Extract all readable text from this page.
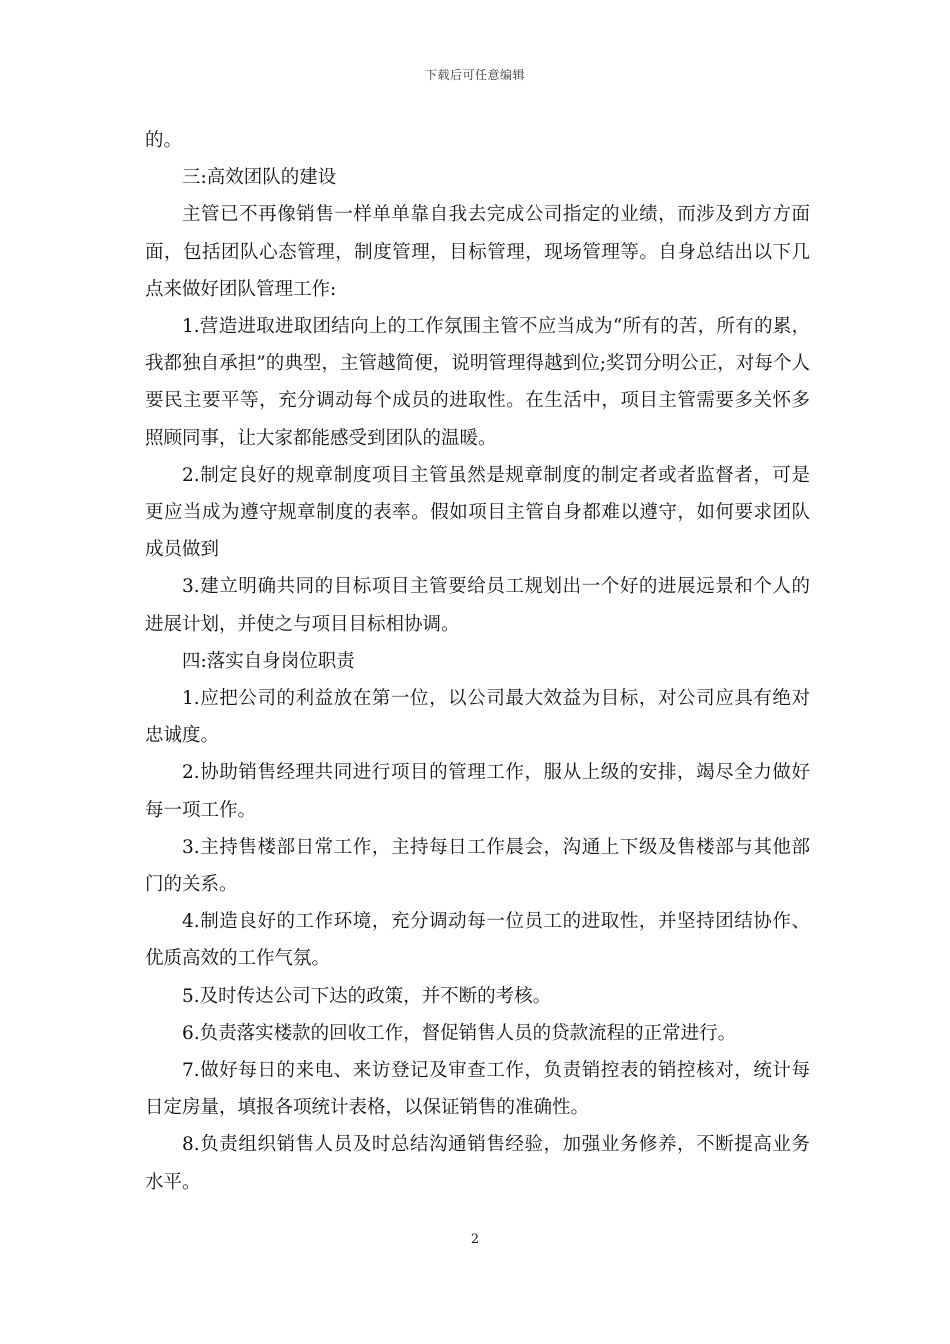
下载后可任意编辑

的。

三:高效团队的建设

主管已不再像销售一样单单靠自我去完成公司指定的业绩，而涉及到方方面面，包括团队心态管理，制度管理，目标管理，现场管理等。自身总结出以下几点来做好团队管理工作:

1.营造进取进取团结向上的工作氛围主管不应当成为“所有的苦，所有的累，我都独自承担”的典型，主管越简便，说明管理得越到位;奖罚分明公正，对每个人要民主要平等，充分调动每个成员的进取性。在生活中，项目主管需要多关怀多照顾同事，让大家都能感受到团队的温暖。

2.制定良好的规章制度项目主管虽然是规章制度的制定者或者监督者，可是更应当成为遵守规章制度的表率。假如项目主管自身都难以遵守，如何要求团队成员做到

3.建立明确共同的目标项目主管要给员工规划出一个好的进展远景和个人的进展计划，并使之与项目目标相协调。

四:落实自身岗位职责

1.应把公司的利益放在第一位，以公司最大效益为目标，对公司应具有绝对忠诚度。

2.协助销售经理共同进行项目的管理工作，服从上级的安排，竭尽全力做好每一项工作。

3.主持售楼部日常工作，主持每日工作晨会，沟通上下级及售楼部与其他部门的关系。

4.制造良好的工作环境，充分调动每一位员工的进取性，并坚持团结协作、优质高效的工作气氛。

5.及时传达公司下达的政策，并不断的考核。

6.负责落实楼款的回收工作，督促销售人员的贷款流程的正常进行。

7.做好每日的来电、来访登记及审查工作，负责销控表的销控核对，统计每日定房量，填报各项统计表格，以保证销售的准确性。

8.负责组织销售人员及时总结沟通销售经验，加强业务修养，不断提高业务水平。

2
